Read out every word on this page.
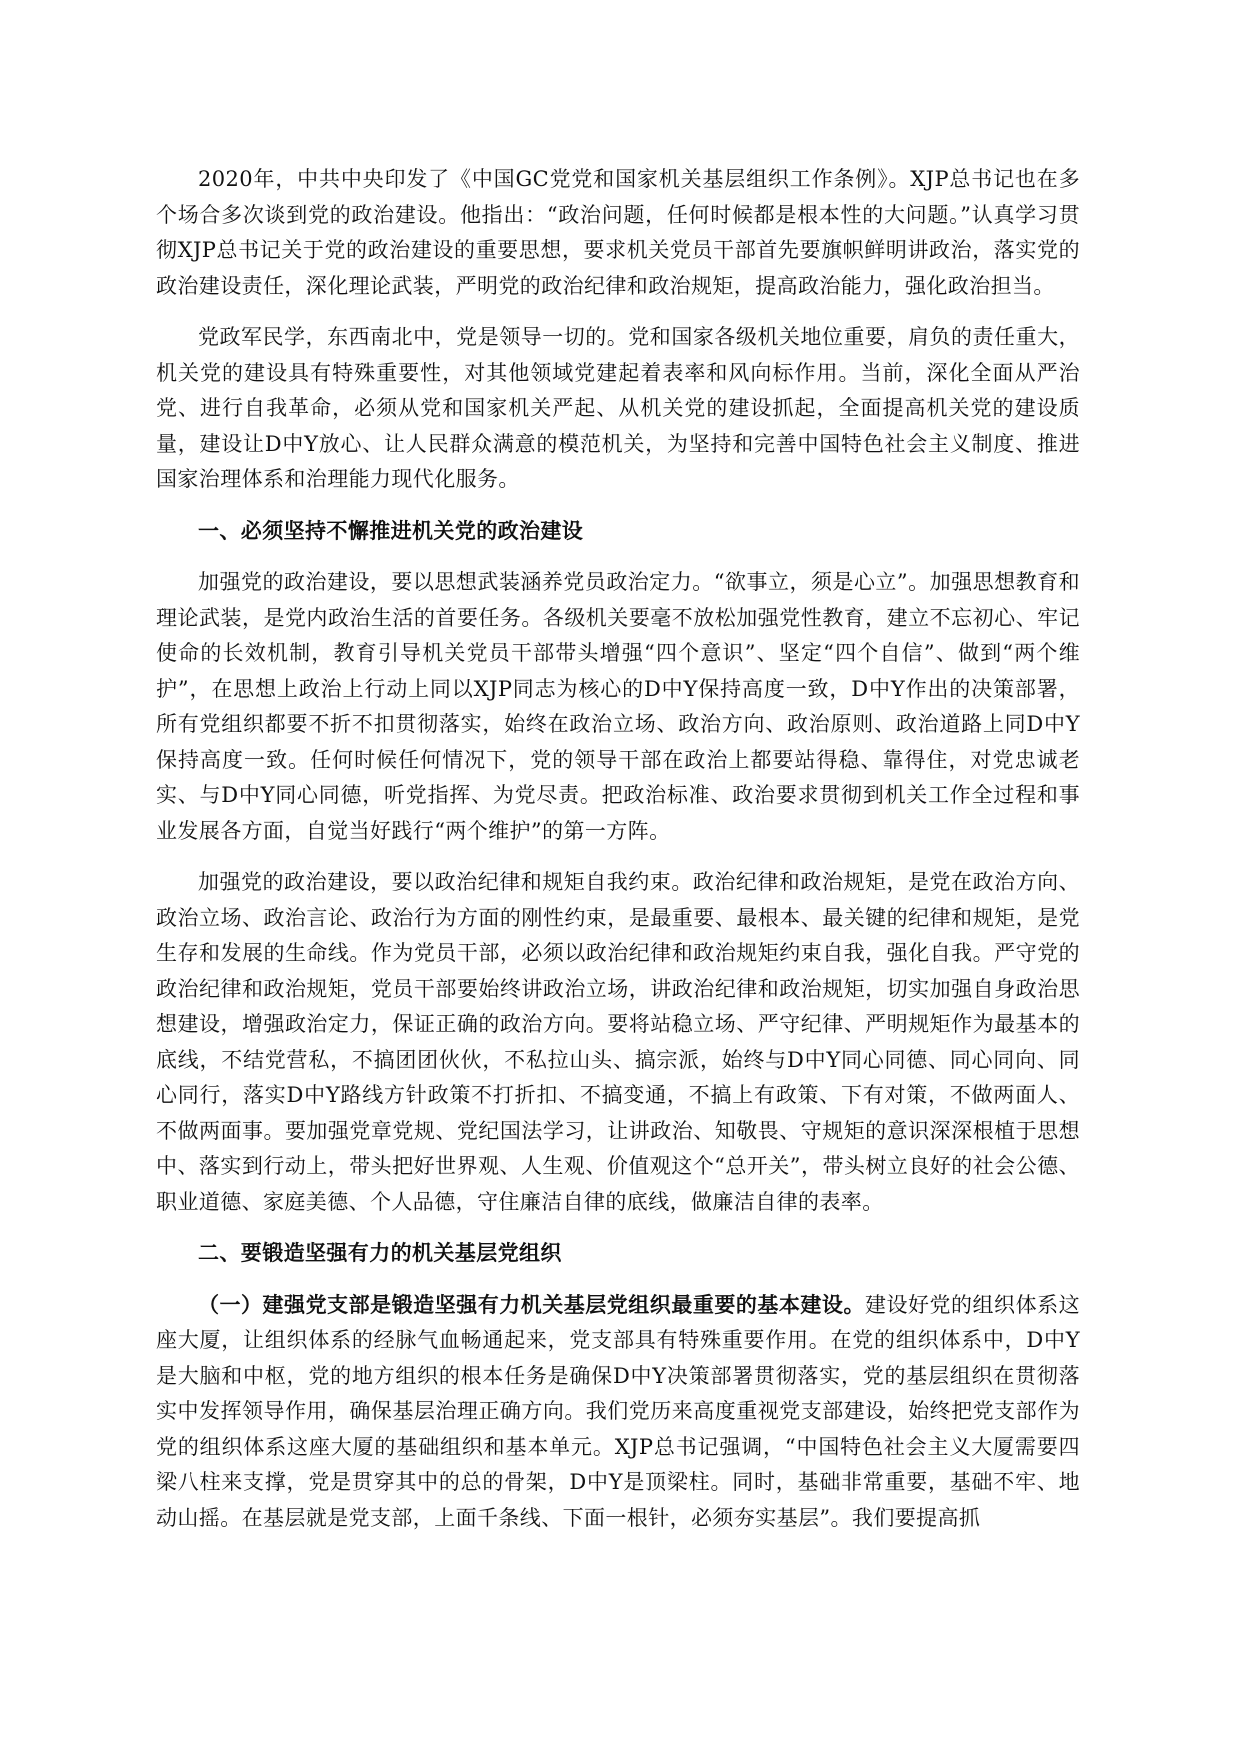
2020年，中共中央印发了《中国GC党党和国家机关基层组织工作条例》。XJP总书记也在多个场合多次谈到党的政治建设。他指出：“政治问题，任何时候都是根本性的大问题。”认真学习贯彻XJP总书记关于党的政治建设的重要思想，要求机关党员干部首先要旗帜鲜明讲政治，落实党的政治建设责任，深化理论武装，严明党的政治纪律和政治规矩，提高政治能力，强化政治担当。

党政军民学，东西南北中，党是领导一切的。党和国家各级机关地位重要，肩负的责任重大，机关党的建设具有特殊重要性，对其他领域党建起着表率和风向标作用。当前，深化全面从严治党、进行自我革命，必须从党和国家机关严起、从机关党的建设抓起，全面提高机关党的建设质量，建设让D中Y放心、让人民群众满意的模范机关，为坚持和完善中国特色社会主义制度、推进国家治理体系和治理能力现代化服务。

一、必须坚持不懈推进机关党的政治建设

加强党的政治建设，要以思想武装涵养党员政治定力。“欲事立，须是心立”。加强思想教育和理论武装，是党内政治生活的首要任务。各级机关要毫不放松加强党性教育，建立不忘初心、牢记使命的长效机制，教育引导机关党员干部带头增强“四个意识”、坚定“四个自信”、做到“两个维护”，在思想上政治上行动上同以XJP同志为核心的D中Y保持高度一致，D中Y作出的决策部署，所有党组织都要不折不扣贯彻落实，始终在政治立场、政治方向、政治原则、政治道路上同D中Y保持高度一致。任何时候任何情况下，党的领导干部在政治上都要站得稳、靠得住，对党忠诚老实、与D中Y同心同德，听党指挥、为党尽责。把政治标准、政治要求贯彻到机关工作全过程和事业发展各方面，自觉当好践行“两个维护”的第一方阵。

加强党的政治建设，要以政治纪律和规矩自我约束。政治纪律和政治规矩，是党在政治方向、政治立场、政治言论、政治行为方面的刚性约束，是最重要、最根本、最关键的纪律和规矩，是党生存和发展的生命线。作为党员干部，必须以政治纪律和政治规矩约束自我，强化自我。严守党的政治纪律和政治规矩，党员干部要始终讲政治立场，讲政治纪律和政治规矩，切实加强自身政治思想建设，增强政治定力，保证正确的政治方向。要将站稳立场、严守纪律、严明规矩作为最基本的底线，不结党营私，不搞团团伙伙，不私拉山头、搞宗派，始终与D中Y同心同德、同心同向、同心同行，落实D中Y路线方针政策不打折扣、不搞变通，不搞上有政策、下有对策，不做两面人、不做两面事。要加强党章党规、党纪国法学习，让讲政治、知敬畏、守规矩的意识深深根植于思想中、落实到行动上，带头把好世界观、人生观、价值观这个“总开关”，带头树立良好的社会公德、职业道德、家庭美德、个人品德，守住廉洁自律的底线，做廉洁自律的表率。

二、要锻造坚强有力的机关基层党组织

（一）建强党支部是锻造坚强有力机关基层党组织最重要的基本建设。建设好党的组织体系这座大厦，让组织体系的经脉气血畅通起来，党支部具有特殊重要作用。在党的组织体系中，D中Y是大脑和中枢，党的地方组织的根本任务是确保D中Y决策部署贯彻落实，党的基层组织在贯彻落实中发挥领导作用，确保基层治理正确方向。我们党历来高度重视党支部建设，始终把党支部作为党的组织体系这座大厦的基础组织和基本单元。XJP总书记强调，“中国特色社会主义大厦需要四梁八柱来支撑，党是贯穿其中的总的骨架，D中Y是顶梁柱。同时，基础非常重要，基础不牢、地动山摇。在基层就是党支部，上面千条线、下面一根针，必须夯实基层”。我们要提高抓
